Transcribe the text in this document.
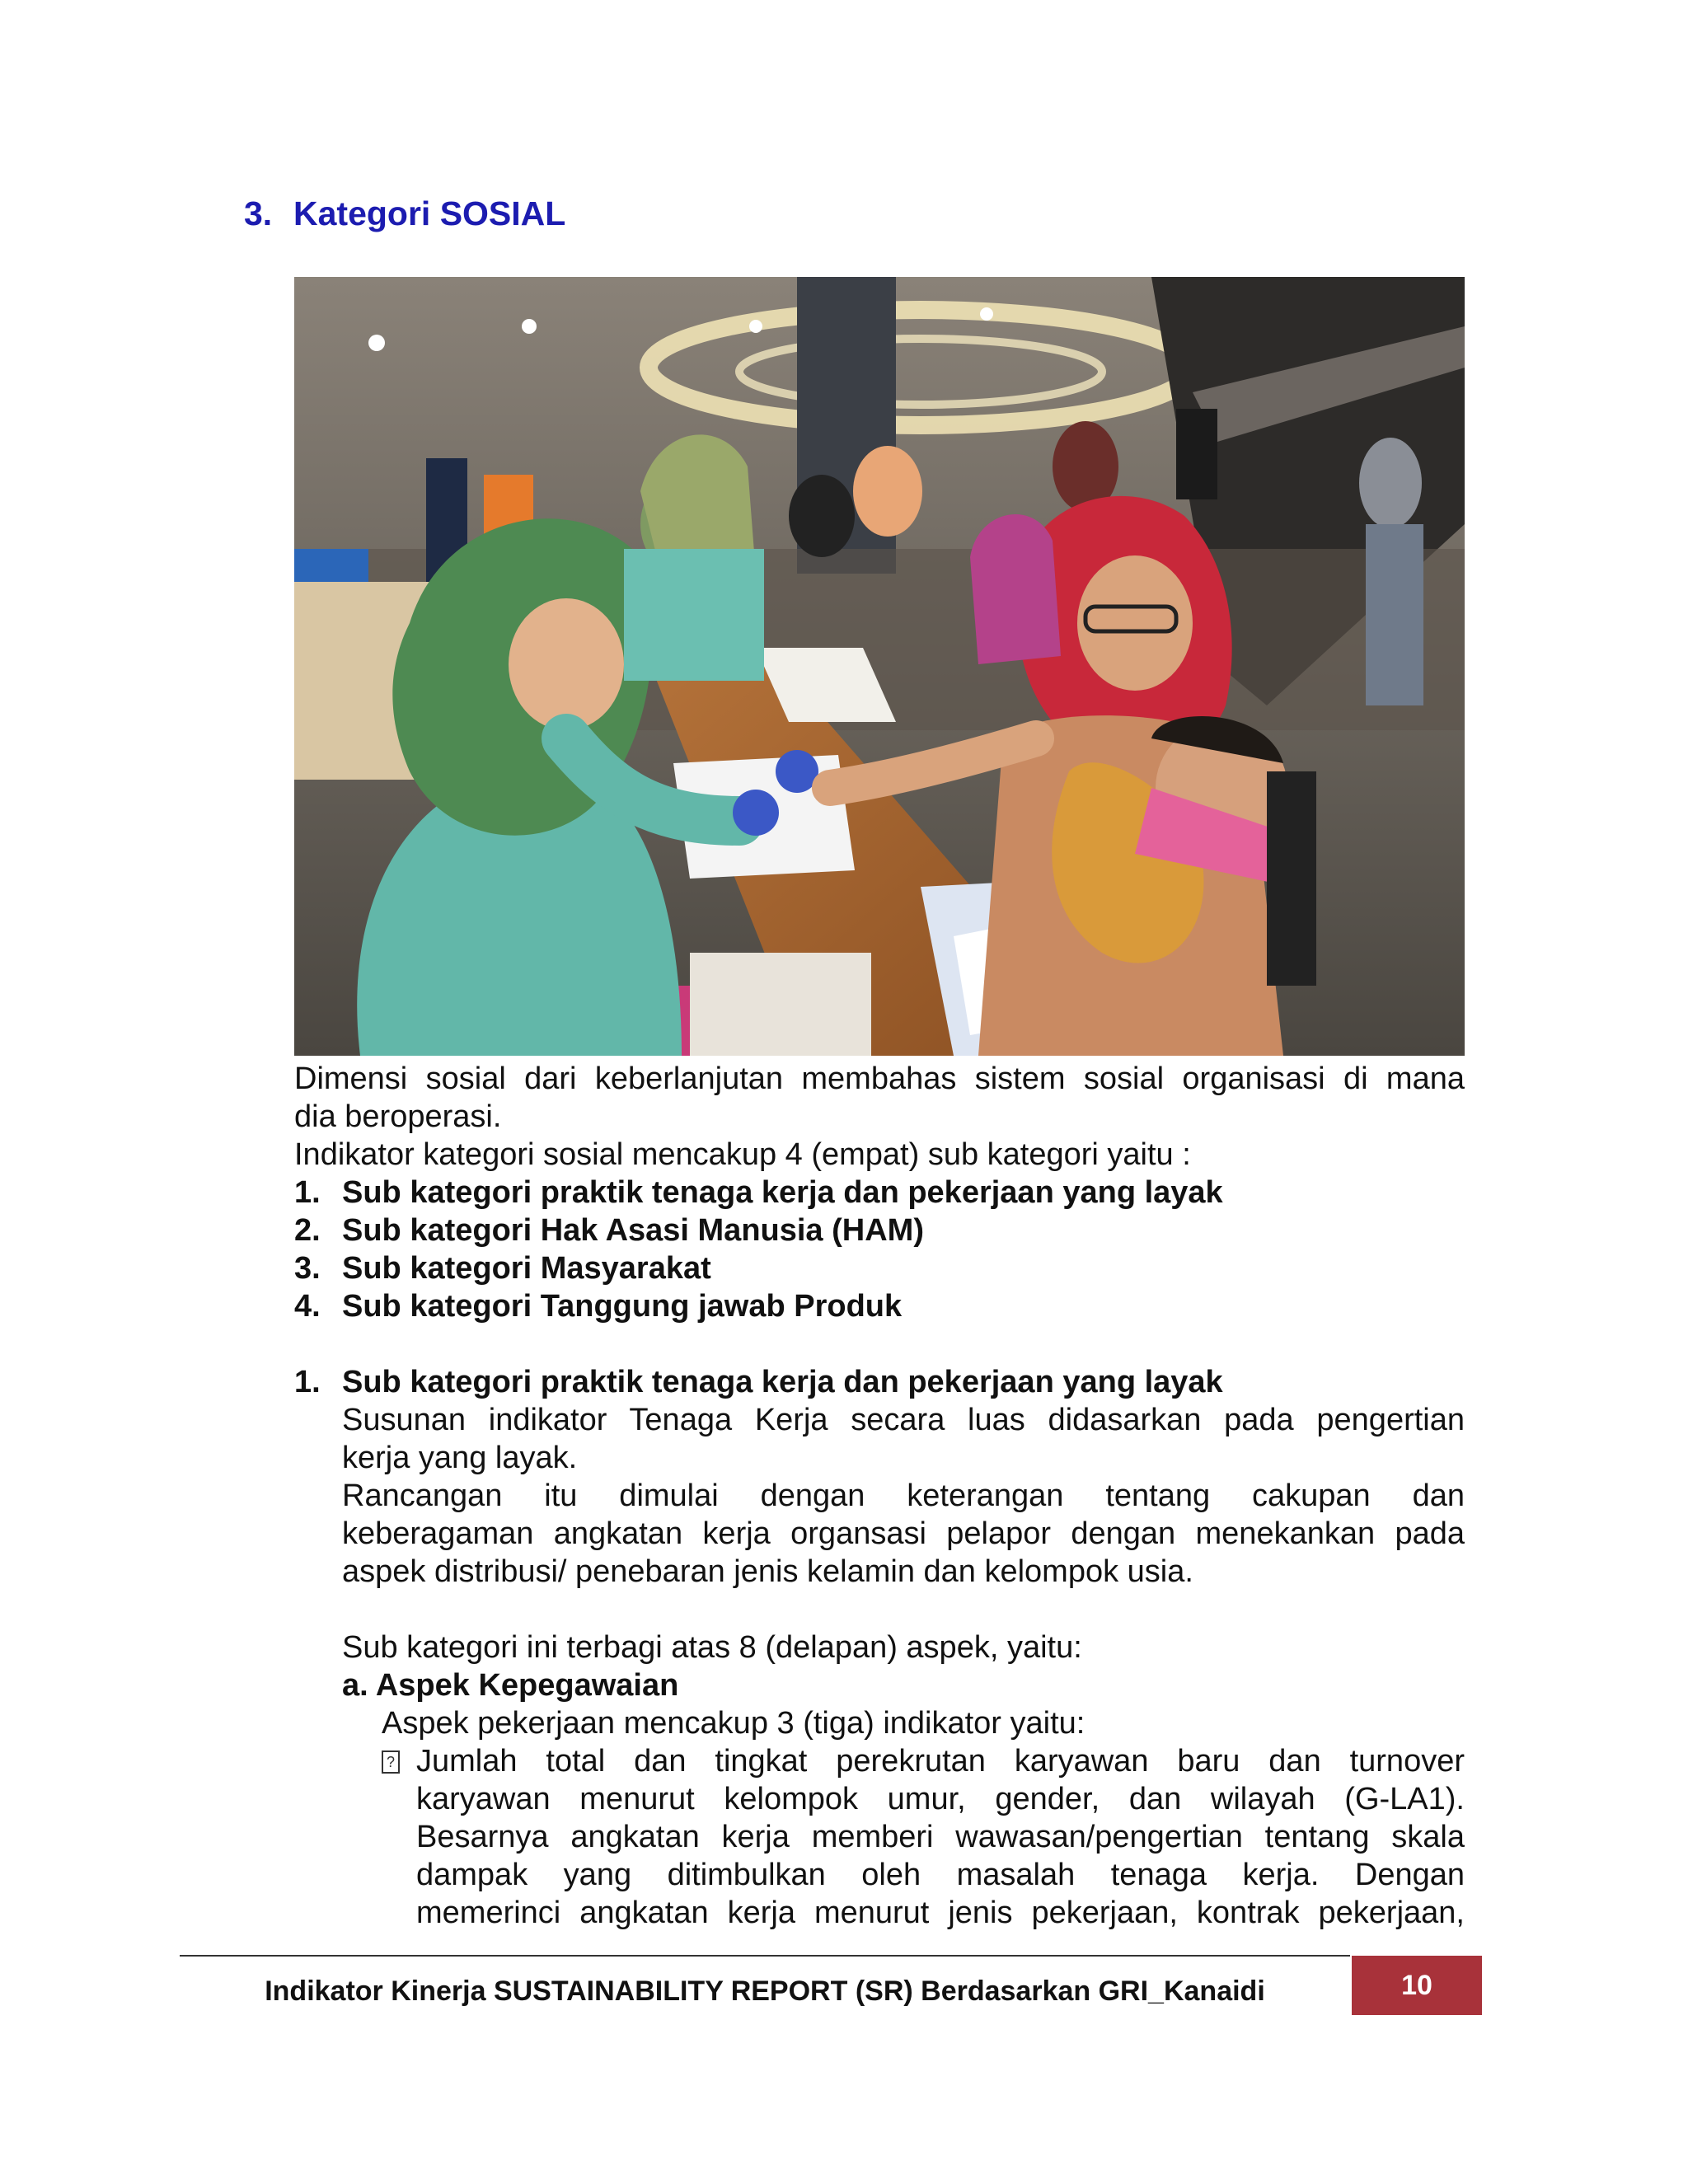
3. Kategori SOSIAL
Dimensi sosial dari keberlanjutan membahas sistem sosial organisasi di mana
dia beroperasi.
Indikator kategori sosial mencakup 4 (empat) sub kategori yaitu :
1. Sub kategori praktik tenaga kerja dan pekerjaan yang layak
2. Sub kategori Hak Asasi Manusia (HAM)
3. Sub kategori Masyarakat
4. Sub kategori Tanggung jawab Produk
1. Sub kategori praktik tenaga kerja dan pekerjaan yang layak
Susunan indikator Tenaga Kerja secara luas didasarkan pada pengertian
kerja yang layak.
Rancangan itu dimulai dengan keterangan tentang cakupan dan
keberagaman angkatan kerja organsasi pelapor dengan menekankan pada
aspek distribusi/ penebaran jenis kelamin dan kelompok usia.
Sub kategori ini terbagi atas 8 (delapan) aspek, yaitu:
a. Aspek Kepegawaian
Aspek pekerjaan mencakup 3 (tiga) indikator yaitu:
? Jumlah total dan tingkat perekrutan karyawan baru dan turnover
karyawan menurut kelompok umur, gender, dan wilayah (G-LA1).
Besarnya angkatan kerja memberi wawasan/pengertian tentang skala
dampak yang ditimbulkan oleh masalah tenaga kerja. Dengan
memerinci angkatan kerja menurut jenis pekerjaan, kontrak pekerjaan,
Indikator Kinerja SUSTAINABILITY REPORT (SR) Berdasarkan GRI_Kanaidi	10
